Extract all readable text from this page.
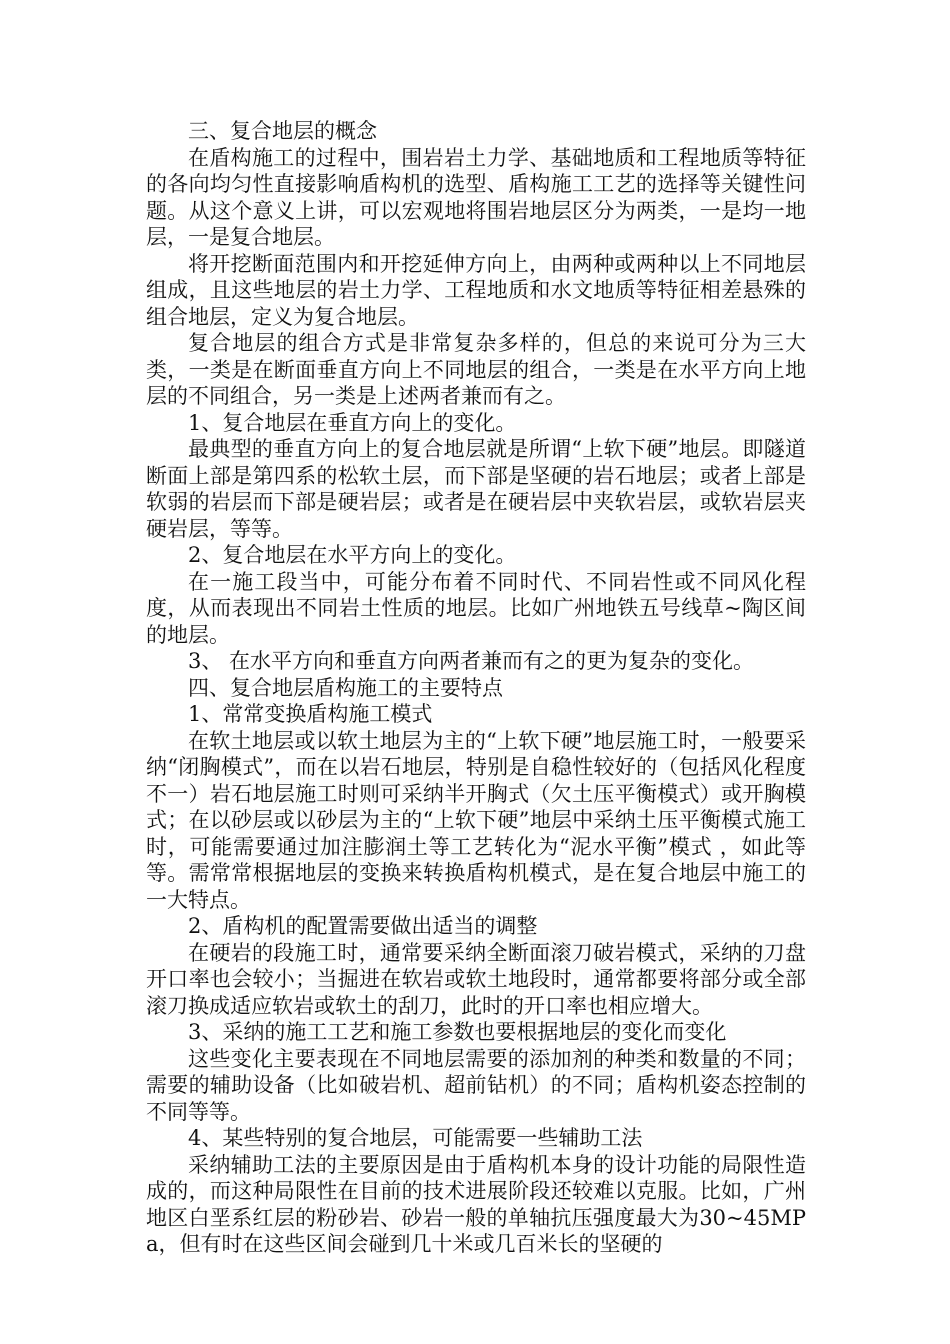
三、复合地层的概念

在盾构施工的过程中，围岩岩土力学、基础地质和工程地质等特征的各向均匀性直接影响盾构机的选型、盾构施工工艺的选择等关键性问题。从这个意义上讲，可以宏观地将围岩地层区分为两类，一是均一地层，一是复合地层。

将开挖断面范围内和开挖延伸方向上，由两种或两种以上不同地层组成，且这些地层的岩土力学、工程地质和水文地质等特征相差悬殊的组合地层，定义为复合地层。

复合地层的组合方式是非常复杂多样的，但总的来说可分为三大类，一类是在断面垂直方向上不同地层的组合，一类是在水平方向上地层的不同组合，另一类是上述两者兼而有之。

1、复合地层在垂直方向上的变化。

最典型的垂直方向上的复合地层就是所谓“上软下硬”地层。即隧道断面上部是第四系的松软土层，而下部是坚硬的岩石地层；或者上部是软弱的岩层而下部是硬岩层；或者是在硬岩层中夹软岩层，或软岩层夹硬岩层，等等。

2、复合地层在水平方向上的变化。

在一施工段当中，可能分布着不同时代、不同岩性或不同风化程度，从而表现出不同岩土性质的地层。比如广州地铁五号线草~陶区间的地层。

3、 在水平方向和垂直方向两者兼而有之的更为复杂的变化。

四、复合地层盾构施工的主要特点

1、常常变换盾构施工模式

在软土地层或以软土地层为主的“上软下硬”地层施工时，一般要采纳“闭胸模式”，而在以岩石地层，特别是自稳性较好的（包括风化程度不一）岩石地层施工时则可采纳半开胸式（欠土压平衡模式）或开胸模式；在以砂层或以砂层为主的“上软下硬”地层中采纳土压平衡模式施工时，可能需要通过加注膨润土等工艺转化为“泥水平衡”模式 ，如此等等。需常常根据地层的变换来转换盾构机模式，是在复合地层中施工的一大特点。

2、盾构机的配置需要做出适当的调整

在硬岩的段施工时，通常要采纳全断面滚刀破岩模式，采纳的刀盘开口率也会较小；当掘进在软岩或软土地段时，通常都要将部分或全部滚刀换成适应软岩或软土的刮刀，此时的开口率也相应增大。

3、采纳的施工工艺和施工参数也要根据地层的变化而变化

这些变化主要表现在不同地层需要的添加剂的种类和数量的不同；需要的辅助设备（比如破岩机、超前钻机）的不同；盾构机姿态控制的不同等等。

4、某些特别的复合地层，可能需要一些辅助工法

采纳辅助工法的主要原因是由于盾构机本身的设计功能的局限性造成的，而这种局限性在目前的技术进展阶段还较难以克服。比如，广州地区白垩系红层的粉砂岩、砂岩一般的单轴抗压强度最大为30~45MPa，但有时在这些区间会碰到几十米或几百米长的坚硬的
